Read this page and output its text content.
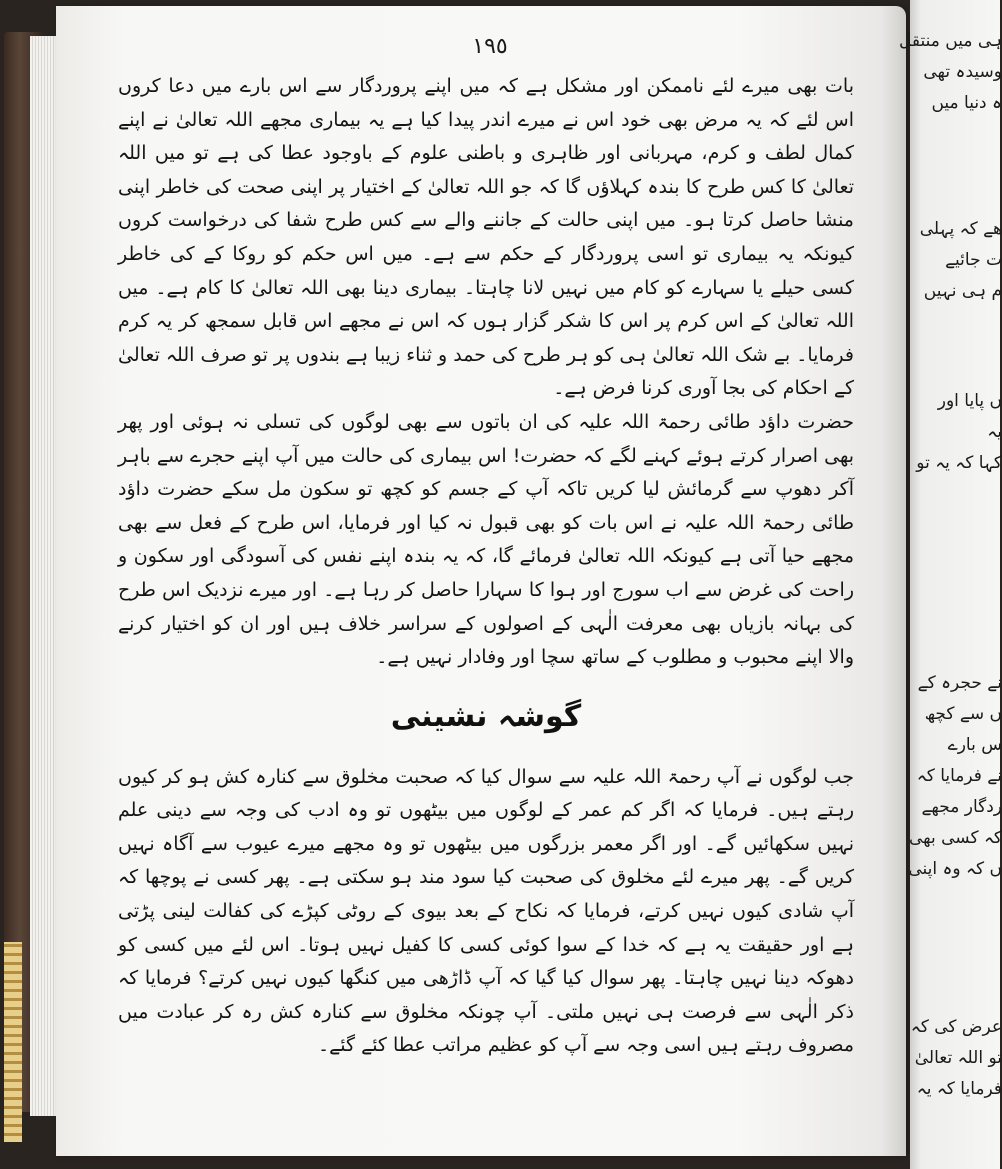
١٩٥

بات بھی میرے لئے ناممکن اور مشکل ہے کہ میں اپنے پروردگار سے اس بارے میں دعا کروں اس لئے کہ یہ مرض بھی خود اس نے میرے اندر پیدا کیا ہے یہ بیماری مجھے اللہ تعالیٰ نے اپنے کمال لطف و کرم، مہربانی اور ظاہری و باطنی علوم کے باوجود عطا کی ہے تو میں اللہ تعالیٰ کا کس طرح کا بندہ کہلاؤں گا کہ جو اللہ تعالیٰ کے اختیار پر اپنی صحت کی خاطر اپنی منشا حاصل کرتا ہو۔ میں اپنی حالت کے جاننے والے سے کس طرح شفا کی درخواست کروں کیونکہ یہ بیماری تو اسی پروردگار کے حکم سے ہے۔ میں اس حکم کو روکا کے کی خاطر کسی حیلے یا سہارے کو کام میں نہیں لانا چاہتا۔ بیماری دینا بھی اللہ تعالیٰ کا کام ہے۔ میں اللہ تعالیٰ کے اس کرم پر اس کا شکر گزار ہوں کہ اس نے مجھے اس قابل سمجھ کر یہ کرم فرمایا۔ بے شک اللہ تعالیٰ ہی کو ہر طرح کی حمد و ثناء زیبا ہے بندوں پر تو صرف اللہ تعالیٰ کے احکام کی بجا آوری کرنا فرض ہے۔

حضرت داؤد طائی رحمۃ اللہ علیہ کی ان باتوں سے بھی لوگوں کی تسلی نہ ہوئی اور پھر بھی اصرار کرتے ہوئے کہنے لگے کہ حضرت! اس بیماری کی حالت میں آپ اپنے حجرے سے باہر آکر دھوپ سے گرمائش لیا کریں تاکہ آپ کے جسم کو کچھ تو سکون مل سکے حضرت داؤد طائی رحمۃ اللہ علیہ نے اس بات کو بھی قبول نہ کیا اور فرمایا، اس طرح کے فعل سے بھی مجھے حیا آتی ہے کیونکہ اللہ تعالیٰ فرمائے گا، کہ یہ بندہ اپنے نفس کی آسودگی اور سکون و راحت کی غرض سے اب سورج اور ہوا کا سہارا حاصل کر رہا ہے۔ اور میرے نزدیک اس طرح کی بہانہ بازیاں بھی معرفت الٰہی کے اصولوں کے سراسر خلاف ہیں اور ان کو اختیار کرنے والا اپنے محبوب و مطلوب کے ساتھ سچا اور وفادار نہیں ہے۔

گوشہ نشینی

جب لوگوں نے آپ رحمۃ اللہ علیہ سے سوال کیا کہ صحبت مخلوق سے کنارہ کش ہو کر کیوں رہتے ہیں۔ فرمایا کہ اگر کم عمر کے لوگوں میں بیٹھوں تو وہ ادب کی وجہ سے دینی علم نہیں سکھائیں گے۔ اور اگر معمر بزرگوں میں بیٹھوں تو وہ مجھے میرے عیوب سے آگاہ نہیں کریں گے۔ پھر میرے لئے مخلوق کی صحبت کیا سود مند ہو سکتی ہے۔ پھر کسی نے پوچھا کہ آپ شادی کیوں نہیں کرتے، فرمایا کہ نکاح کے بعد بیوی کے روٹی کپڑے کی کفالت لینی پڑتی ہے اور حقیقت یہ ہے کہ خدا کے سوا کوئی کسی کا کفیل نہیں ہوتا۔ اس لئے میں کسی کو دھوکہ دینا نہیں چاہتا۔ پھر سوال کیا گیا کہ آپ ڈاڑھی میں کنگھا کیوں نہیں کرتے؟ فرمایا کہ ذکر الٰہی سے فرصت ہی نہیں ملتی۔ آپ چونکہ مخلوق سے کنارہ کش رہ کر عبادت میں مصروف رہتے ہیں اسی وجہ سے آپ کو عظیم مراتب عطا کئے گئے۔

ہی میں منتقل
وسیدہ تھی
ہ دنیا میں
ھے کہ پہلی
ت جائیے
م ہی نہیں
ں پایا اور
یہ
کہا کہ یہ تو
نے حجرہ کے
ں سے کچھ
س بارے
نے فرمایا کہ
ردگار مجھے
کہ کسی بھی
ں کہ وہ اپنی
عرض کی کہ
تو اللہ تعالیٰ
فرمایا کہ یہ
